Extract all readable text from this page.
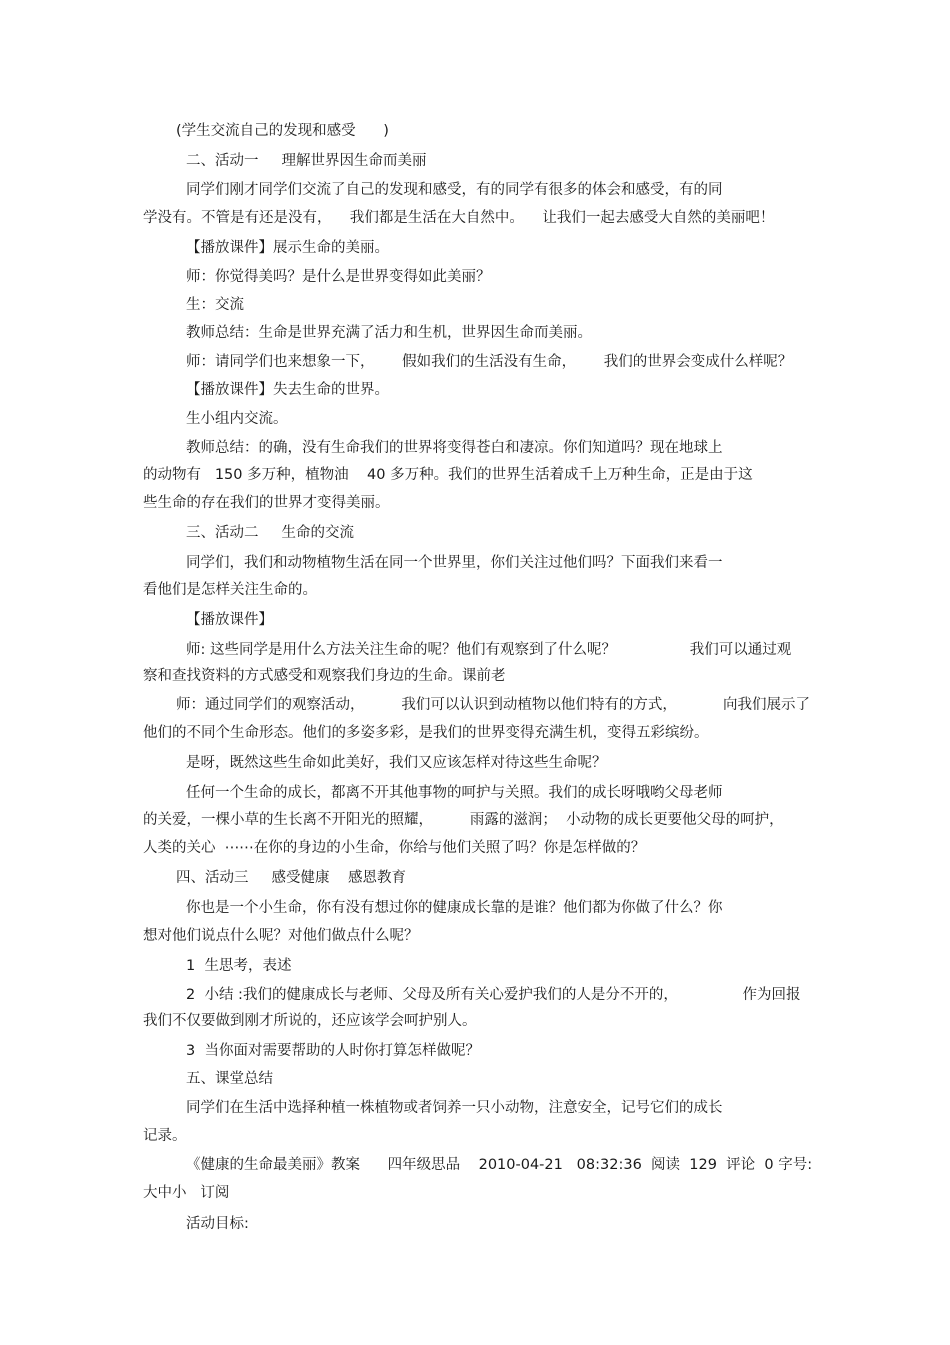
(学生交流自己的发现和感受      )

二、活动一     理解世界因生命而美丽

同学们刚才同学们交流了自己的发现和感受，有的同学有很多的体会和感受，有的同

学没有。不管是有还是没有，    我们都是生活在大自然中。    让我们一起去感受大自然的美丽吧！

【播放课件】展示生命的美丽。

师：你觉得美吗？是什么是世界变得如此美丽？

生：交流

教师总结：生命是世界充满了活力和生机，世界因生命而美丽。

师：请同学们也来想象一下，      假如我们的生活没有生命，      我们的世界会变成什么样呢？

【播放课件】失去生命的世界。

生小组内交流。

教师总结：的确，没有生命我们的世界将变得苍白和凄凉。你们知道吗？现在地球上

的动物有   150 多万种，植物油    40 多万种。我们的世界生活着成千上万种生命，正是由于这

些生命的存在我们的世界才变得美丽。

三、活动二     生命的交流

同学们，我们和动物植物生活在同一个世界里，你们关注过他们吗？下面我们来看一

看他们是怎样关注生命的。

【播放课件】

师: 这些同学是用什么方法关注生命的呢？他们有观察到了什么呢？                我们可以通过观

察和查找资料的方式感受和观察我们身边的生命。课前老

师：通过同学们的观察活动，        我们可以认识到动植物以他们特有的方式，          向我们展示了

他们的不同个生命形态。他们的多姿多彩，是我们的世界变得充满生机，变得五彩缤纷。

是呀，既然这些生命如此美好，我们又应该怎样对待这些生命呢？

任何一个生命的成长，都离不开其他事物的呵护与关照。我们的成长呀哦哟父母老师

的关爱，一棵小草的生长离不开阳光的照耀，        雨露的滋润；  小动物的成长更要他父母的呵护，

人类的关心  ⋯⋯在你的身边的小生命，你给与他们关照了吗？你是怎样做的？

四、活动三     感受健康    感恩教育

你也是一个小生命，你有没有想过你的健康成长靠的是谁？他们都为你做了什么？你

想对他们说点什么呢？对他们做点什么呢？

1  生思考，表述

2  小结 :我们的健康成长与老师、父母及所有关心爱护我们的人是分不开的，              作为回报

我们不仅要做到刚才所说的，还应该学会呵护别人。

3  当你面对需要帮助的人时你打算怎样做呢？

五、课堂总结

同学们在生活中选择种植一株植物或者饲养一只小动物，注意安全，记号它们的成长

记录。

《健康的生命最美丽》教案      四年级思品    2010-04-21   08:32:36  阅读  129  评论  0 字号:

大中小   订阅

活动目标:
